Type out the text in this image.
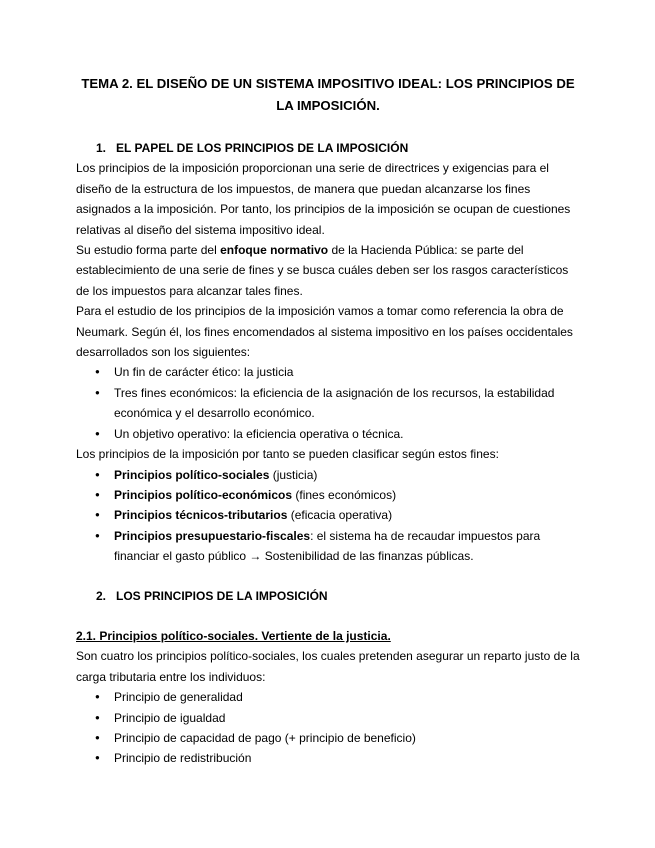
TEMA 2. EL DISEÑO DE UN SISTEMA IMPOSITIVO IDEAL: LOS PRINCIPIOS DE
LA IMPOSICIÓN.
1. EL PAPEL DE LOS PRINCIPIOS DE LA IMPOSICIÓN

Los principios de la imposición proporcionan una serie de directrices y exigencias para el diseño de la estructura de los impuestos, de manera que puedan alcanzarse los fines asignados a la imposición. Por tanto, los principios de la imposición se ocupan de cuestiones relativas al diseño del sistema impositivo ideal.

Su estudio forma parte del enfoque normativo de la Hacienda Pública: se parte del establecimiento de una serie de fines y se busca cuáles deben ser los rasgos característicos de los impuestos para alcanzar tales fines.

Para el estudio de los principios de la imposición vamos a tomar como referencia la obra de Neumark. Según él, los fines encomendados al sistema impositivo en los países occidentales desarrollados son los siguientes:

● Un fin de carácter ético: la justicia
● Tres fines económicos: la eficiencia de la asignación de los recursos, la estabilidad económica y el desarrollo económico.
● Un objetivo operativo: la eficiencia operativa o técnica.

Los principios de la imposición por tanto se pueden clasificar según estos fines:

● Principios político-sociales (justicia)
● Principios político-económicos (fines económicos)
● Principios técnicos-tributarios (eficacia operativa)
● Principios presupuestario-fiscales: el sistema ha de recaudar impuestos para financiar el gasto público → Sostenibilidad de las finanzas públicas.
2. LOS PRINCIPIOS DE LA IMPOSICIÓN
2.1. Principios político-sociales. Vertiente de la justicia.

Son cuatro los principios político-sociales, los cuales pretenden asegurar un reparto justo de la carga tributaria entre los individuos:

● Principio de generalidad
● Principio de igualdad
● Principio de capacidad de pago (+ principio de beneficio)
● Principio de redistribución
